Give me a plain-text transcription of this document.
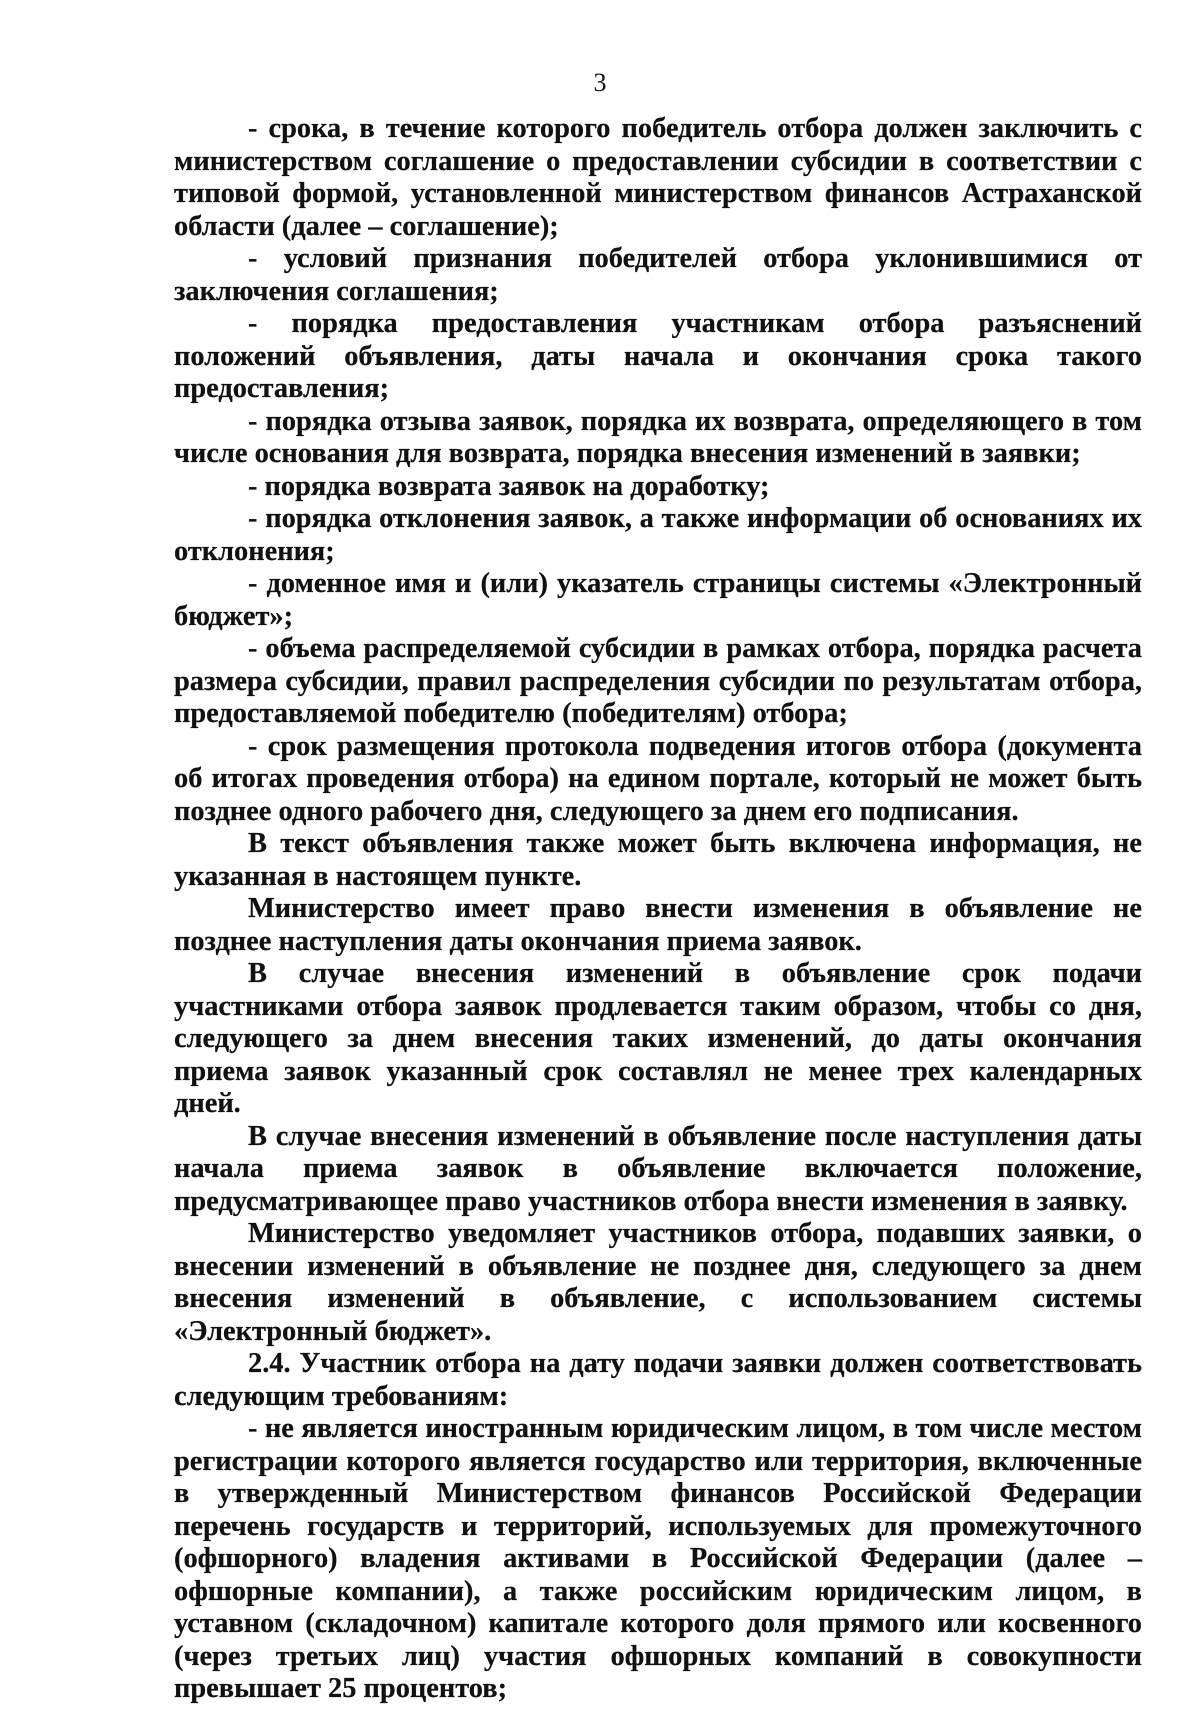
3

- срока, в течение которого победитель отбора должен заключить с министерством соглашение о предоставлении субсидии в соответствии с типовой формой, установленной министерством финансов Астраханской области (далее – соглашение);

- условий признания победителей отбора уклонившимися от заключения соглашения;

- порядка предоставления участникам отбора разъяснений положений объявления, даты начала и окончания срока такого предоставления;

- порядка отзыва заявок, порядка их возврата, определяющего в том числе основания для возврата, порядка внесения изменений в заявки;

- порядка возврата заявок на доработку;

- порядка отклонения заявок, а также информации об основаниях их отклонения;

- доменное имя и (или) указатель страницы системы «Электронный бюджет»;

- объема распределяемой субсидии в рамках отбора, порядка расчета размера субсидии, правил распределения субсидии по результатам отбора, предоставляемой победителю (победителям) отбора;

- срок размещения протокола подведения итогов отбора (документа об итогах проведения отбора) на едином портале, который не может быть позднее одного рабочего дня, следующего за днем его подписания.

В текст объявления также может быть включена информация, не указанная в настоящем пункте.

Министерство имеет право внести изменения в объявление не позднее наступления даты окончания приема заявок.

В случае внесения изменений в объявление срок подачи участниками отбора заявок продлевается таким образом, чтобы со дня, следующего за днем внесения таких изменений, до даты окончания приема заявок указанный срок составлял не менее трех календарных дней.

В случае внесения изменений в объявление после наступления даты начала приема заявок в объявление включается положение, предусматривающее право участников отбора внести изменения в заявку.

Министерство уведомляет участников отбора, подавших заявки, о внесении изменений в объявление не позднее дня, следующего за днем внесения изменений в объявление, с использованием системы «Электронный бюджет».

2.4. Участник отбора на дату подачи заявки должен соответствовать следующим требованиям:

- не является иностранным юридическим лицом, в том числе местом регистрации которого является государство или территория, включенные в утвержденный Министерством финансов Российской Федерации перечень государств и территорий, используемых для промежуточного (офшорного) владения активами в Российской Федерации (далее – офшорные компании), а также российским юридическим лицом, в уставном (складочном) капитале которого доля прямого или косвенного (через третьих лиц) участия офшорных компаний в совокупности превышает 25 процентов;
